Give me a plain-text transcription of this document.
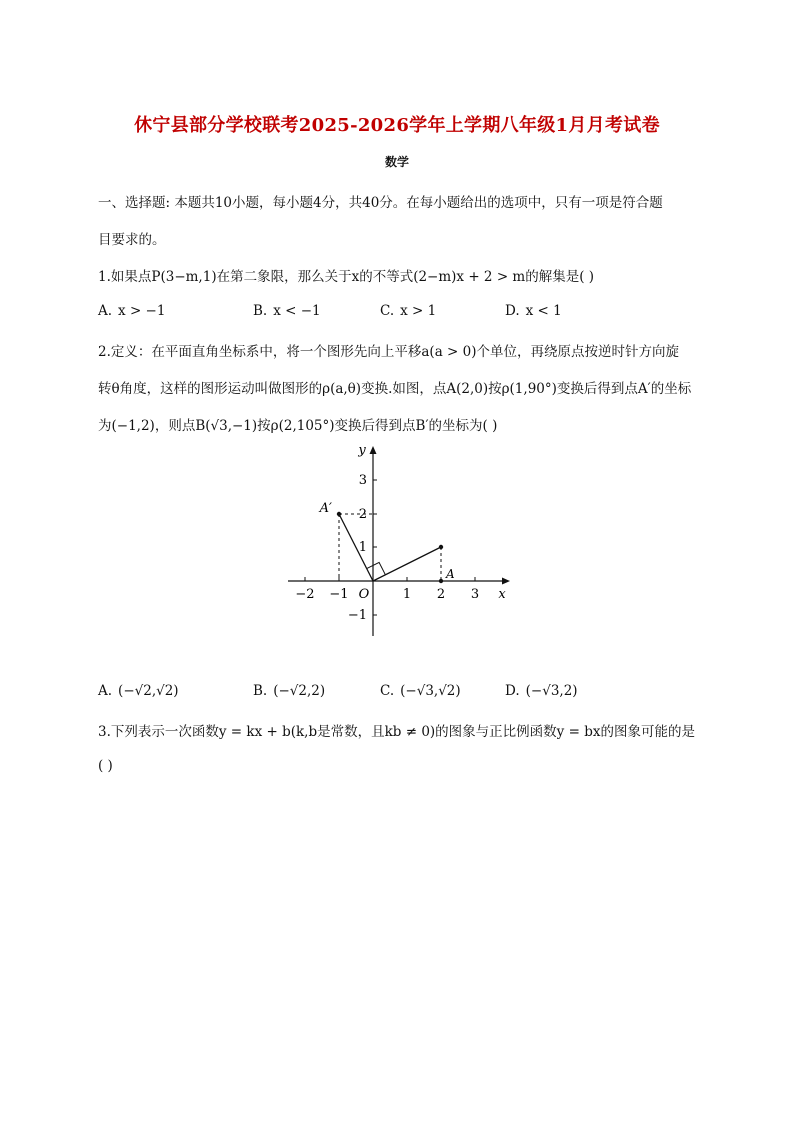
休宁县部分学校联考2025-2026学年上学期八年级1月月考试卷
数学
一、选择题: 本题共10小题，每小题4分，共40分。在每小题给出的选项中，只有一项是符合题
目要求的。
1.如果点P(3−m,1)在第二象限，那么关于x的不等式(2−m)x + 2 > m的解集是( )
A. x > −1	B. x < −1	C. x > 1	D. x < 1
2.定义：在平面直角坐标系中，将一个图形先向上平移a(a > 0)个单位，再绕原点按逆时针方向旋
转θ角度，这样的图形运动叫做图形的ρ(a,θ)变换.如图，点A(2,0)按ρ(1,90°)变换后得到点A′的坐标
为(−1,2)，则点B(√3,−1)按ρ(2,105°)变换后得到点B′的坐标为( )
−2 −1	1 2 3 x
3
2
1
−1
y
O
A′
A
A. (−√2,√2)	B. (−√2,2)	C. (−√3,√2)	D. (−√3,2)
3.下列表示一次函数y = kx + b(k,b是常数，且kb ≠ 0)的图象与正比例函数y = bx的图象可能的是
( )
